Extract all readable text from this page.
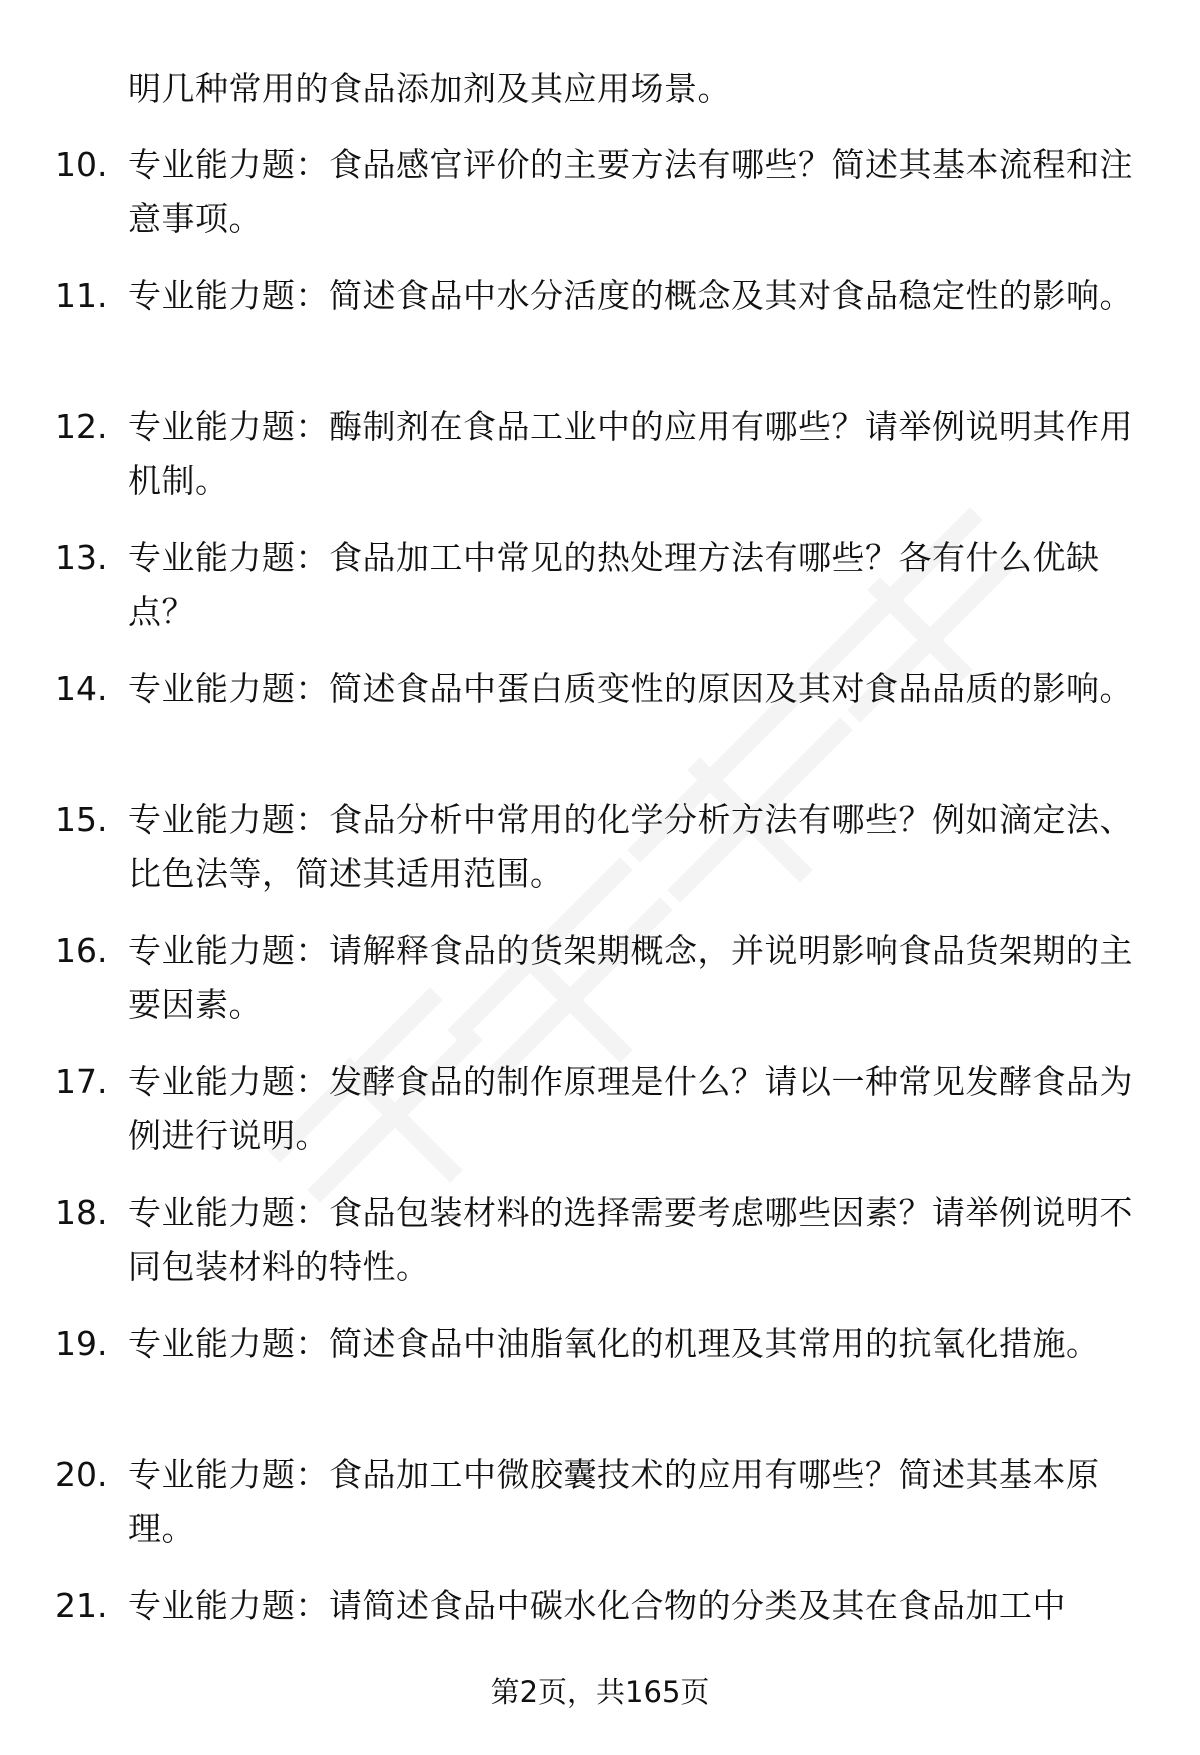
明几种常用的食品添加剂及其应用场景。
10. 专业能力题：食品感官评价的主要方法有哪些？简述其基本流程和注意事项。
11. 专业能力题：简述食品中水分活度的概念及其对食品稳定性的影响。
12. 专业能力题：酶制剂在食品工业中的应用有哪些？请举例说明其作用机制。
13. 专业能力题：食品加工中常见的热处理方法有哪些？各有什么优缺点？
14. 专业能力题：简述食品中蛋白质变性的原因及其对食品品质的影响。
15. 专业能力题：食品分析中常用的化学分析方法有哪些？例如滴定法、比色法等，简述其适用范围。
16. 专业能力题：请解释食品的货架期概念，并说明影响食品货架期的主要因素。
17. 专业能力题：发酵食品的制作原理是什么？请以一种常见发酵食品为例进行说明。
18. 专业能力题：食品包装材料的选择需要考虑哪些因素？请举例说明不同包装材料的特性。
19. 专业能力题：简述食品中油脂氧化的机理及其常用的抗氧化措施。
20. 专业能力题：食品加工中微胶囊技术的应用有哪些？简述其基本原理。
21. 专业能力题：请简述食品中碳水化合物的分类及其在食品加工中
第2页，共165页
